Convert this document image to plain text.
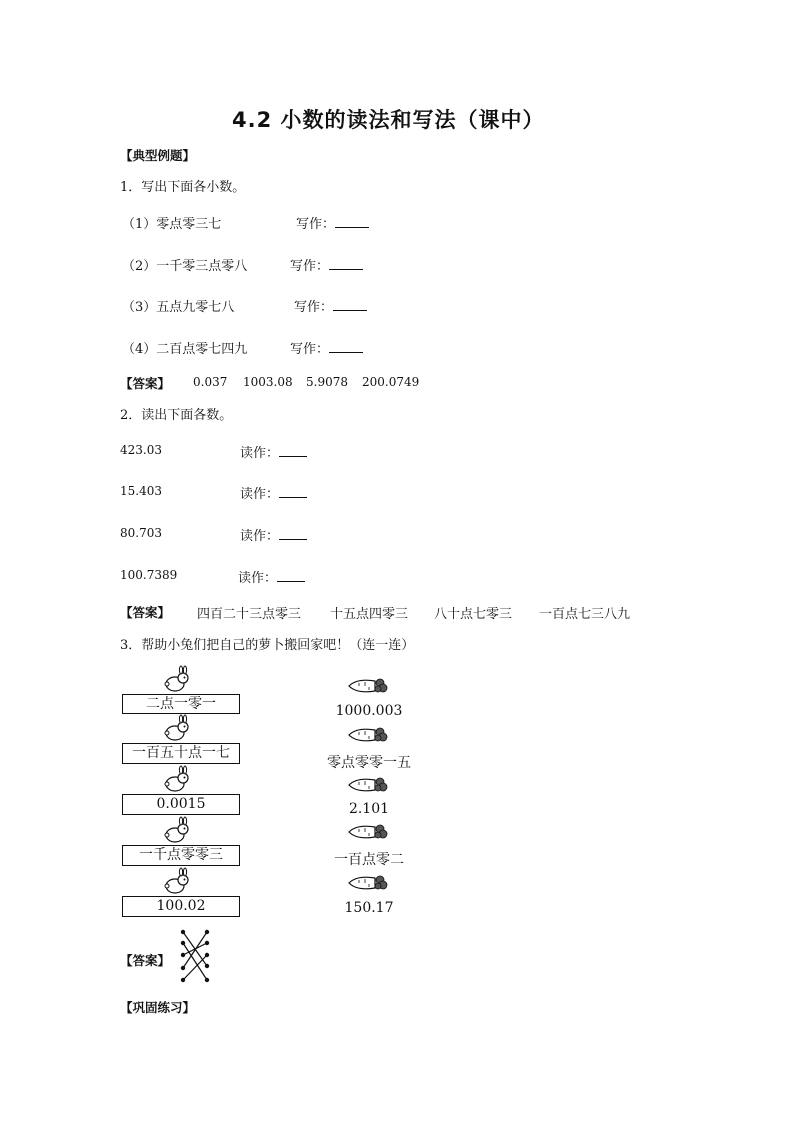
4.2 小数的读法和写法（课中）
【典型例题】
1．写出下面各小数。
（1）零点零三七	写作：
（2）一千零三点零八	写作：
（3）五点九零七八	写作：
（4）二百点零七四九	写作：
【答案】 0.037 1003.08 5.9078 200.0749
2．读出下面各数。
423.03	读作：
15.403	读作：
80.703	读作：
100.7389	读作：
【答案】 四百二十三点零三 十五点四零三 八十点七零三 一百点七三八九
3．帮助小兔们把自己的萝卜搬回家吧！（连一连）
二点一零一
一百五十点一七
0.0015
一千点零零三
100.02
1000.003
零点零零一五
2.101
一百点零二
150.17
【答案】
【巩固练习】
